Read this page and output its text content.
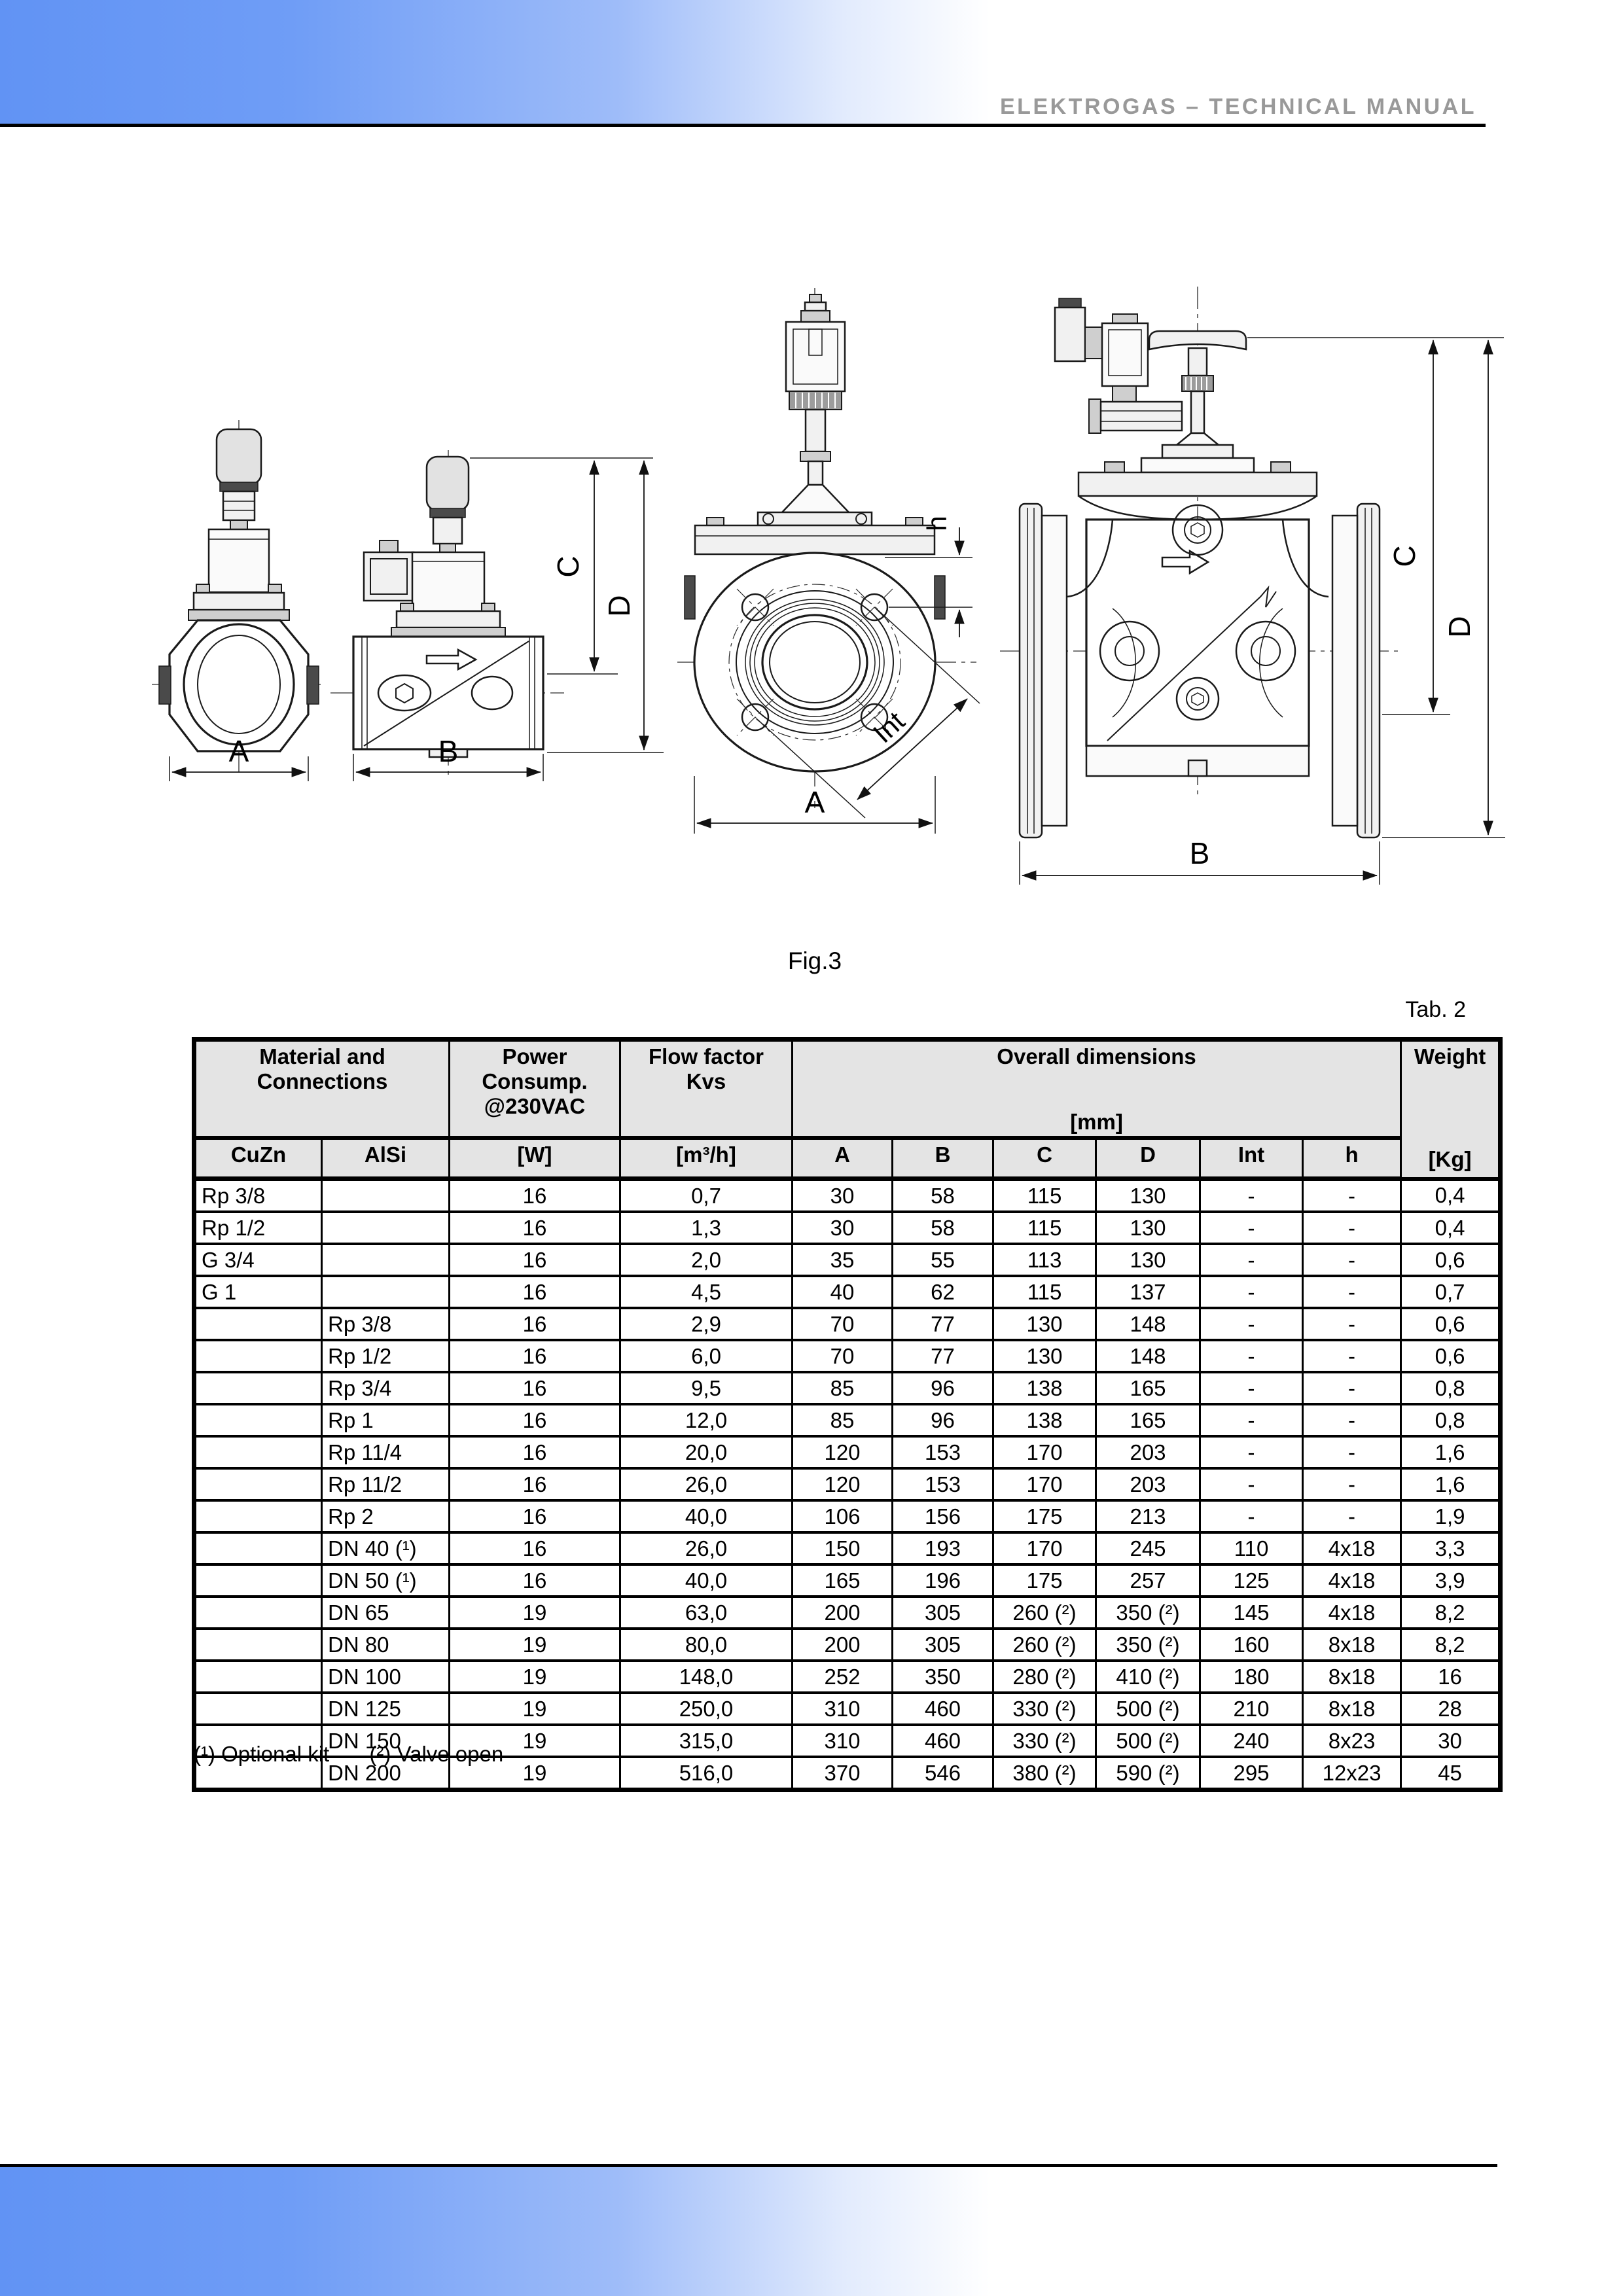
ELEKTROGAS – TECHNICAL MANUAL
A	B
C
D
h
Int
A
B
C
D
Fig.3
Tab. 2
Material and
Connections		Power
Consump.
@230VAC	Flow factor
Kvs	Overall dimensions
[mm]						Weight
[Kg]

CuZn	AlSi	[W]	[m³/h]	A	B	C	D	Int	h	
Rp 3/8		16	0,7	30	58	115	130	-	-	0,4
Rp 1/2		16	1,3	30	58	115	130	-	-	0,4
G 3/4		16	2,0	35	55	113	130	-	-	0,6
G 1		16	4,5	40	62	115	137	-	-	0,7
	Rp 3/8	16	2,9	70	77	130	148	-	-	0,6
	Rp 1/2	16	6,0	70	77	130	148	-	-	0,6
	Rp 3/4	16	9,5	85	96	138	165	-	-	0,8
	Rp 1	16	12,0	85	96	138	165	-	-	0,8
	Rp 11/4	16	20,0	120	153	170	203	-	-	1,6
	Rp 11/2	16	26,0	120	153	170	203	-	-	1,6
	Rp 2	16	40,0	106	156	175	213	-	-	1,9
	DN 40 (¹)	16	26,0	150	193	170	245	110	4x18	3,3
	DN 50 (¹)	16	40,0	165	196	175	257	125	4x18	3,9
	DN 65	19	63,0	200	305	260 (²)	350 (²)	145	4x18	8,2
	DN 80	19	80,0	200	305	260 (²)	350 (²)	160	8x18	8,2
	DN 100	19	148,0	252	350	280 (²)	410 (²)	180	8x18	16
	DN 125	19	250,0	310	460	330 (²)	500 (²)	210	8x18	28
	DN 150	19	315,0	310	460	330 (²)	500 (²)	240	8x23	30
	DN 200	19	516,0	370	546	380 (²)	590 (²)	295	12x23	45
(¹) Optional kit (²) Valve open
